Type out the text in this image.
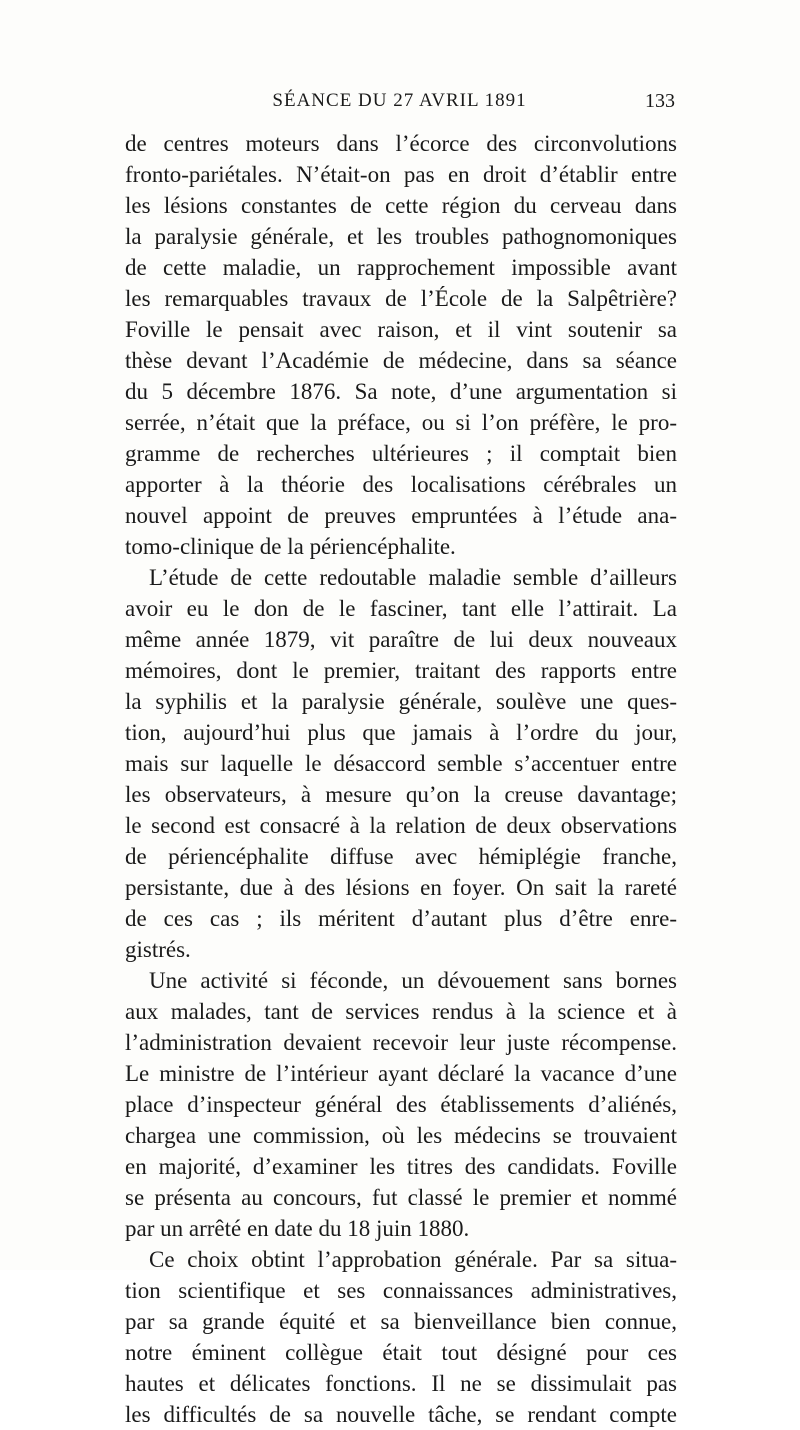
SÉANCE DU 27 AVRIL 1891	133
de centres moteurs dans l’écorce des circonvolutions
fronto-pariétales. N’était-on pas en droit d’établir entre
les lésions constantes de cette région du cerveau dans
la paralysie générale, et les troubles pathognomoniques
de cette maladie, un rapprochement impossible avant
les remarquables travaux de l’École de la Salpêtrière?
Foville le pensait avec raison, et il vint soutenir sa
thèse devant l’Académie de médecine, dans sa séance
du 5 décembre 1876. Sa note, d’une argumentation si
serrée, n’était que la préface, ou si l’on préfère, le pro-
gramme de recherches ultérieures ; il comptait bien
apporter à la théorie des localisations cérébrales un
nouvel appoint de preuves empruntées à l’étude ana-
tomo-clinique de la périencéphalite.
L’étude de cette redoutable maladie semble d’ailleurs
avoir eu le don de le fasciner, tant elle l’attirait. La
même année 1879, vit paraître de lui deux nouveaux
mémoires, dont le premier, traitant des rapports entre
la syphilis et la paralysie générale, soulève une ques-
tion, aujourd’hui plus que jamais à l’ordre du jour,
mais sur laquelle le désaccord semble s’accentuer entre
les observateurs, à mesure qu’on la creuse davantage;
le second est consacré à la relation de deux observations
de périencéphalite diffuse avec hémiplégie franche,
persistante, due à des lésions en foyer. On sait la rareté
de ces cas ; ils méritent d’autant plus d’être enre-
gistrés.
Une activité si féconde, un dévouement sans bornes
aux malades, tant de services rendus à la science et à
l’administration devaient recevoir leur juste récompense.
Le ministre de l’intérieur ayant déclaré la vacance d’une
place d’inspecteur général des établissements d’aliénés,
chargea une commission, où les médecins se trouvaient
en majorité, d’examiner les titres des candidats. Foville
se présenta au concours, fut classé le premier et nommé
par un arrêté en date du 18 juin 1880.
Ce choix obtint l’approbation générale. Par sa situa-
tion scientifique et ses connaissances administratives,
par sa grande équité et sa bienveillance bien connue,
notre éminent collègue était tout désigné pour ces
hautes et délicates fonctions. Il ne se dissimulait pas
les difficultés de sa nouvelle tâche, se rendant compte
